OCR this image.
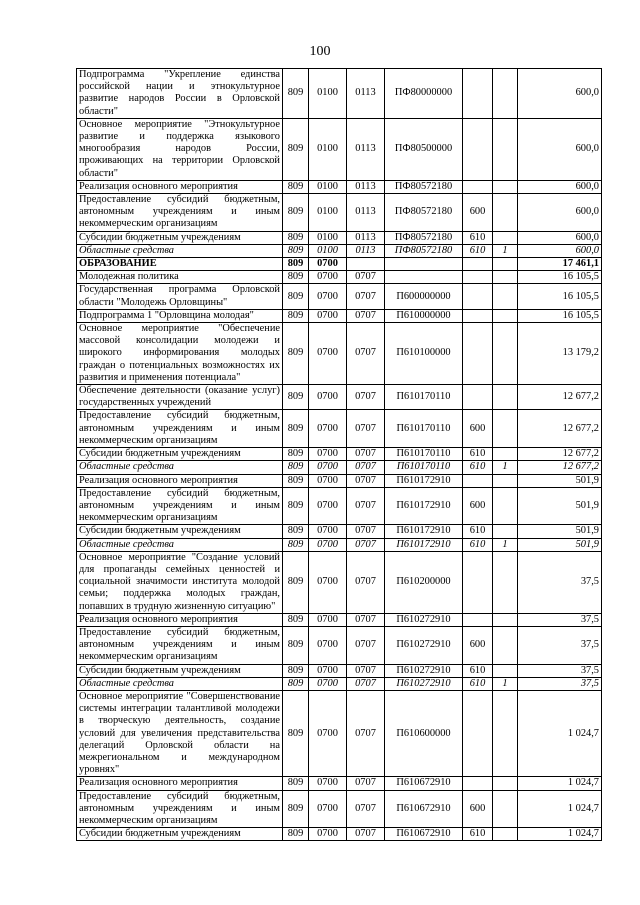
100
Подпрограмма "Укрепление единства российской нации и этнокультурное развитие народов России в Орловской области"	809	0100	0113	ПФ80000000			600,0
Основное мероприятие "Этнокультурное развитие и поддержка языкового многообразия народов России, проживающих на территории Орловской области"	809	0100	0113	ПФ80500000			600,0
Реализация основного мероприятия	809	0100	0113	ПФ80572180			600,0
Предоставление субсидий бюджетным, автономным учреждениям и иным некоммерческим организациям	809	0100	0113	ПФ80572180	600		600,0
Субсидии бюджетным учреждениям	809	0100	0113	ПФ80572180	610		600,0
Областные средства	809	0100	0113	ПФ80572180	610	1	600,0
ОБРАЗОВАНИЕ	809	0700					17 461,1
Молодежная политика	809	0700	0707				16 105,5
Государственная программа Орловской области "Молодежь Орловщины"	809	0700	0707	П600000000			16 105,5
Подпрограмма 1 "Орловщина молодая"	809	0700	0707	П610000000			16 105,5
Основное мероприятие "Обеспечение массовой консолидации молодежи и широкого информирования молодых граждан о потенциальных возможностях их развития и применения потенциала"	809	0700	0707	П610100000			13 179,2
Обеспечение деятельности (оказание услуг) государственных учреждений	809	0700	0707	П610170110			12 677,2
Предоставление субсидий бюджетным, автономным учреждениям и иным некоммерческим организациям	809	0700	0707	П610170110	600		12 677,2
Субсидии бюджетным учреждениям	809	0700	0707	П610170110	610		12 677,2
Областные средства	809	0700	0707	П610170110	610	1	12 677,2
Реализация основного мероприятия	809	0700	0707	П610172910			501,9
Предоставление субсидий бюджетным, автономным учреждениям и иным некоммерческим организациям	809	0700	0707	П610172910	600		501,9
Субсидии бюджетным учреждениям	809	0700	0707	П610172910	610		501,9
Областные средства	809	0700	0707	П610172910	610	1	501,9
Основное мероприятие "Создание условий для пропаганды семейных ценностей и социальной значимости института молодой семьи; поддержка молодых граждан, попавших в трудную жизненную ситуацию"	809	0700	0707	П610200000			37,5
Реализация основного мероприятия	809	0700	0707	П610272910			37,5
Предоставление субсидий бюджетным, автономным учреждениям и иным некоммерческим организациям	809	0700	0707	П610272910	600		37,5
Субсидии бюджетным учреждениям	809	0700	0707	П610272910	610		37,5
Областные средства	809	0700	0707	П610272910	610	1	37,5
Основное мероприятие "Совершенствование системы интеграции талантливой молодежи в творческую деятельность, создание условий для увеличения представительства делегаций Орловской области на межрегиональном и международном уровнях"	809	0700	0707	П610600000			1 024,7
Реализация основного мероприятия	809	0700	0707	П610672910			1 024,7
Предоставление субсидий бюджетным, автономным учреждениям и иным некоммерческим организациям	809	0700	0707	П610672910	600		1 024,7
Субсидии бюджетным учреждениям	809	0700	0707	П610672910	610		1 024,7
